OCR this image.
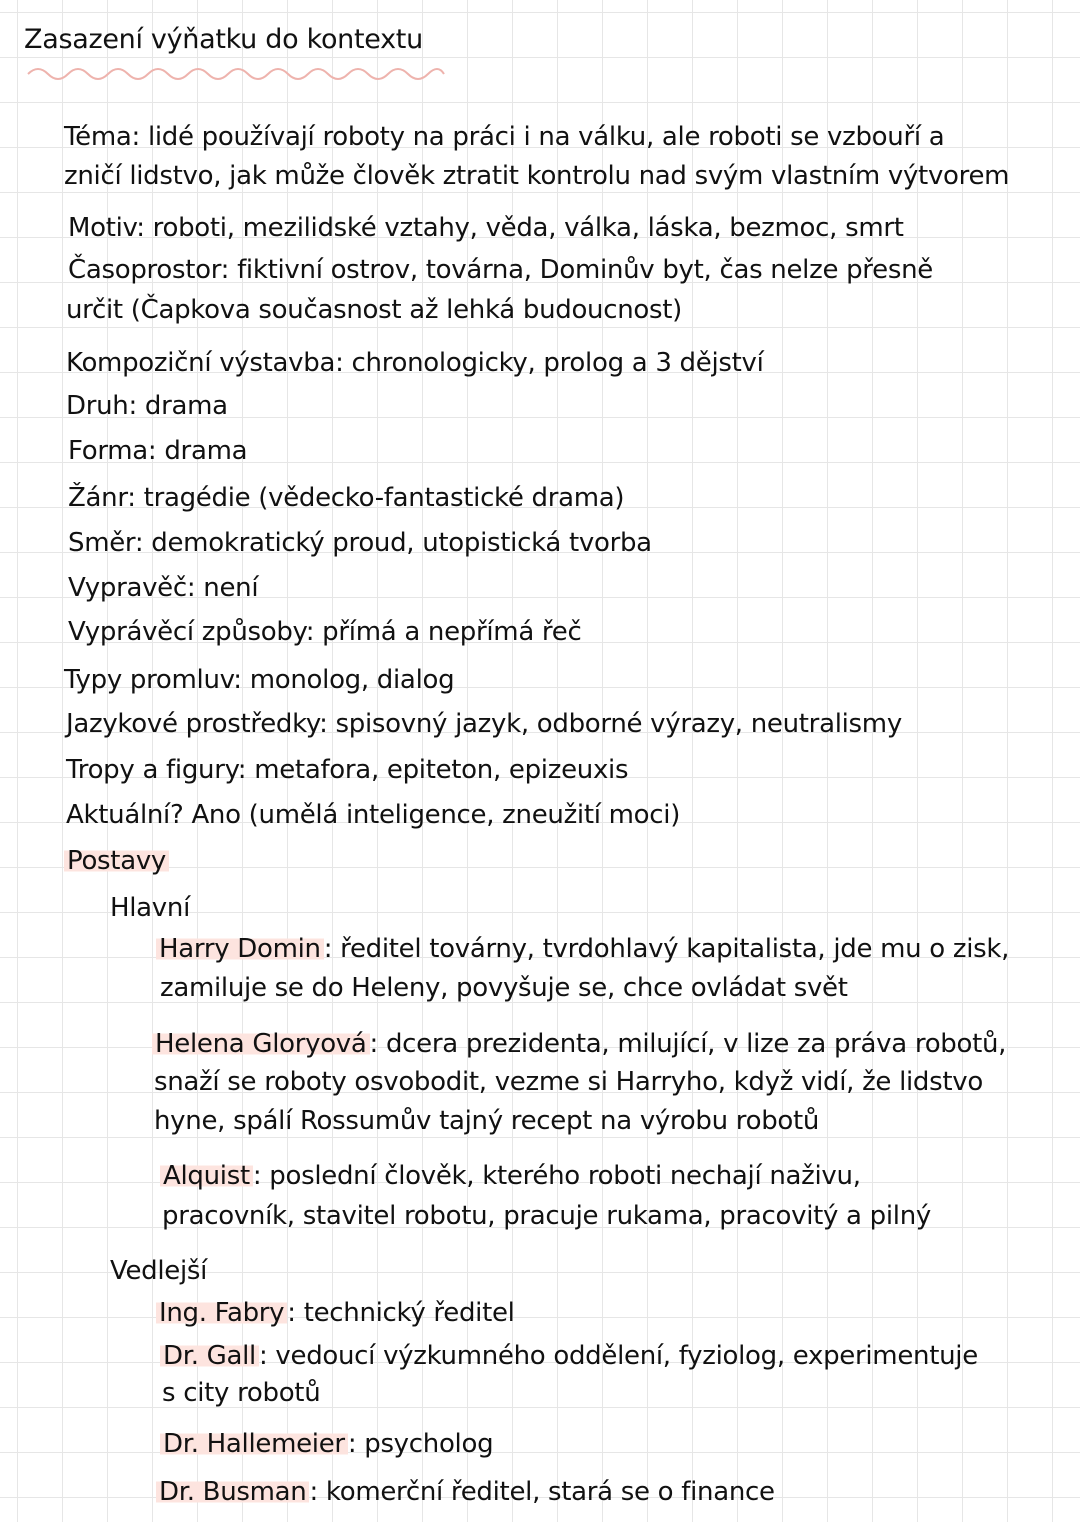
Zasazení výňatku do kontextu
Téma: lidé používají roboty na práci i na válku, ale roboti se vzbouří a
zničí lidstvo, jak může člověk ztratit kontrolu nad svým vlastním výtvorem
Motiv: roboti, mezilidské vztahy, věda, válka, láska, bezmoc, smrt
Časoprostor: fiktivní ostrov, továrna, Dominův byt, čas nelze přesně
určit (Čapkova současnost až lehká budoucnost)
Kompoziční výstavba: chronologicky, prolog a 3 dějství
Druh: drama
Forma: drama
Žánr: tragédie (vědecko-fantastické drama)
Směr: demokratický proud, utopistická tvorba
Vypravěč: není
Vyprávěcí způsoby: přímá a nepřímá řeč
Typy promluv: monolog, dialog
Jazykové prostředky: spisovný jazyk, odborné výrazy, neutralismy
Tropy a figury: metafora, epiteton, epizeuxis
Aktuální? Ano (umělá inteligence, zneužití moci)
Postavy
Hlavní
Harry Domin : ředitel továrny, tvrdohlavý kapitalista, jde mu o zisk,
zamiluje se do Heleny, povyšuje se, chce ovládat svět
Helena Gloryová : dcera prezidenta, milující, v lize za práva robotů,
snaží se roboty osvobodit, vezme si Harryho, když vidí, že lidstvo
hyne, spálí Rossumův tajný recept na výrobu robotů
Alquist : poslední člověk, kterého roboti nechají naživu,
pracovník, stavitel robotu, pracuje rukama, pracovitý a pilný
Vedlejší
Ing. Fabry : technický ředitel
Dr. Gall : vedoucí výzkumného oddělení, fyziolog, experimentuje
s city robotů
Dr. Hallemeier : psycholog
Dr. Busman : komerční ředitel, stará se o finance
